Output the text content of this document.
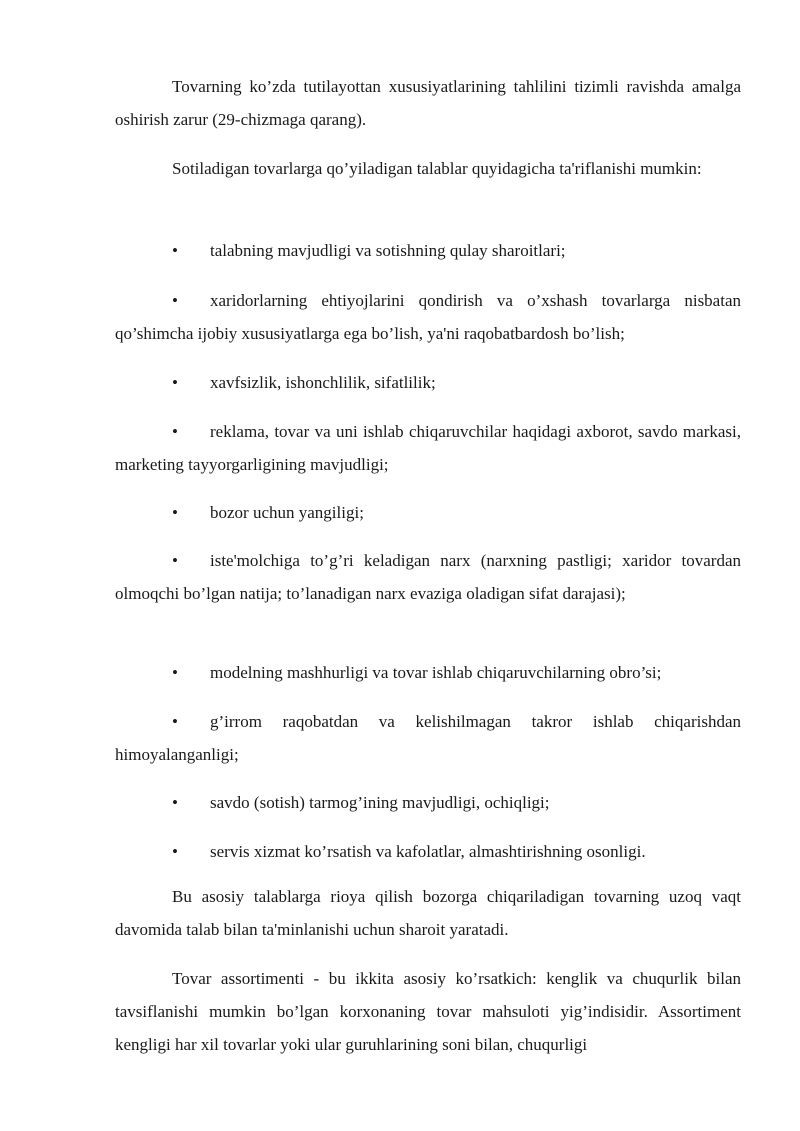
Tovarning ko’zda tutilayottan xususiyatlarining tahlilini tizimli ravishda amalga oshirish zarur (29-chizmaga qarang).

Sotiladigan tovarlarga qo’yiladigan talablar quyidagicha ta'riflanishi mumkin:

• talabning mavjudligi va sotishning qulay sharoitlari;

• xaridorlarning ehtiyojlarini qondirish va o’xshash tovarlarga nisbatan qo’shimcha ijobiy xususiyatlarga ega bo’lish, ya'ni raqobatbardosh bo’lish;

• xavfsizlik, ishonchlilik, sifatlilik;

• reklama, tovar va uni ishlab chiqaruvchilar haqidagi axborot, savdo markasi, marketing tayyorgarligining mavjudligi;

• bozor uchun yangiligi;

• iste'molchiga to’g’ri keladigan narx (narxning pastligi; xaridor tovardan olmoqchi bo’lgan natija; to’lanadigan narx evaziga oladigan sifat darajasi);

• modelning mashhurligi va tovar ishlab chiqaruvchilarning obro’si;

• g’irrom raqobatdan va kelishilmagan takror ishlab chiqarishdan himoyalanganligi;

• savdo (sotish) tarmog’ining mavjudligi, ochiqligi;

• servis xizmat ko’rsatish va kafolatlar, almashtirishning osonligi.

Bu asosiy talablarga rioya qilish bozorga chiqariladigan tovarning uzoq vaqt davomida talab bilan ta'minlanishi uchun sharoit yaratadi.

Tovar assortimenti - bu ikkita asosiy ko’rsatkich: kenglik va chuqurlik bilan tavsiflanishi mumkin bo’lgan korxonaning tovar mahsuloti yig’indisidir. Assortiment kengligi har xil tovarlar yoki ular guruhlarining soni bilan, chuqurligi
